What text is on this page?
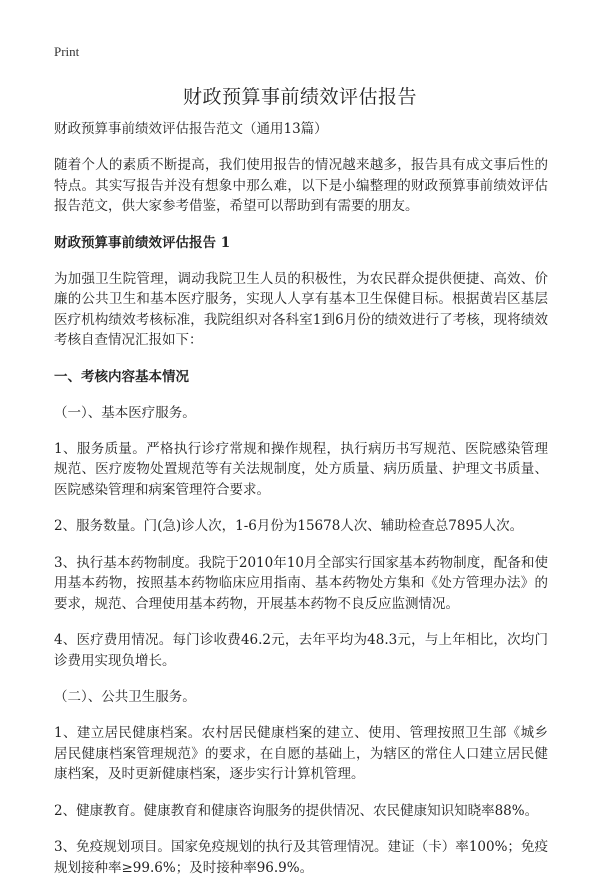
Print
财政预算事前绩效评估报告

财政预算事前绩效评估报告范文（通用13篇）

随着个人的素质不断提高，我们使用报告的情况越来越多，报告具有成文事后性的特点。其实写报告并没有想象中那么难，以下是小编整理的财政预算事前绩效评估报告范文，供大家参考借鉴，希望可以帮助到有需要的朋友。

财政预算事前绩效评估报告 1

为加强卫生院管理，调动我院卫生人员的积极性，为农民群众提供便捷、高效、价廉的公共卫生和基本医疗服务，实现人人享有基本卫生保健目标。根据黄岩区基层医疗机构绩效考核标准，我院组织对各科室1到6月份的绩效进行了考核，现将绩效考核自查情况汇报如下：

一、考核内容基本情况

（一）、基本医疗服务。

1、服务质量。严格执行诊疗常规和操作规程，执行病历书写规范、医院感染管理规范、医疗废物处置规范等有关法规制度，处方质量、病历质量、护理文书质量、医院感染管理和病案管理符合要求。

2、服务数量。门(急)诊人次，1-6月份为15678人次、辅助检查总7895人次。

3、执行基本药物制度。我院于2010年10月全部实行国家基本药物制度，配备和使用基本药物，按照基本药物临床应用指南、基本药物处方集和《处方管理办法》的要求，规范、合理使用基本药物，开展基本药物不良反应监测情况。

4、医疗费用情况。每门诊收费46.2元，去年平均为48.3元，与上年相比，次均门诊费用实现负增长。

（二）、公共卫生服务。

1、建立居民健康档案。农村居民健康档案的建立、使用、管理按照卫生部《城乡居民健康档案管理规范》的要求，在自愿的基础上，为辖区的常住人口建立居民健康档案，及时更新健康档案，逐步实行计算机管理。

2、健康教育。健康教育和健康咨询服务的提供情况、农民健康知识知晓率88%。

3、免疫规划项目。国家免疫规划的执行及其管理情况。建证（卡）率100%；免疫规划接种率≥99.6%；及时接种率96.9%。
